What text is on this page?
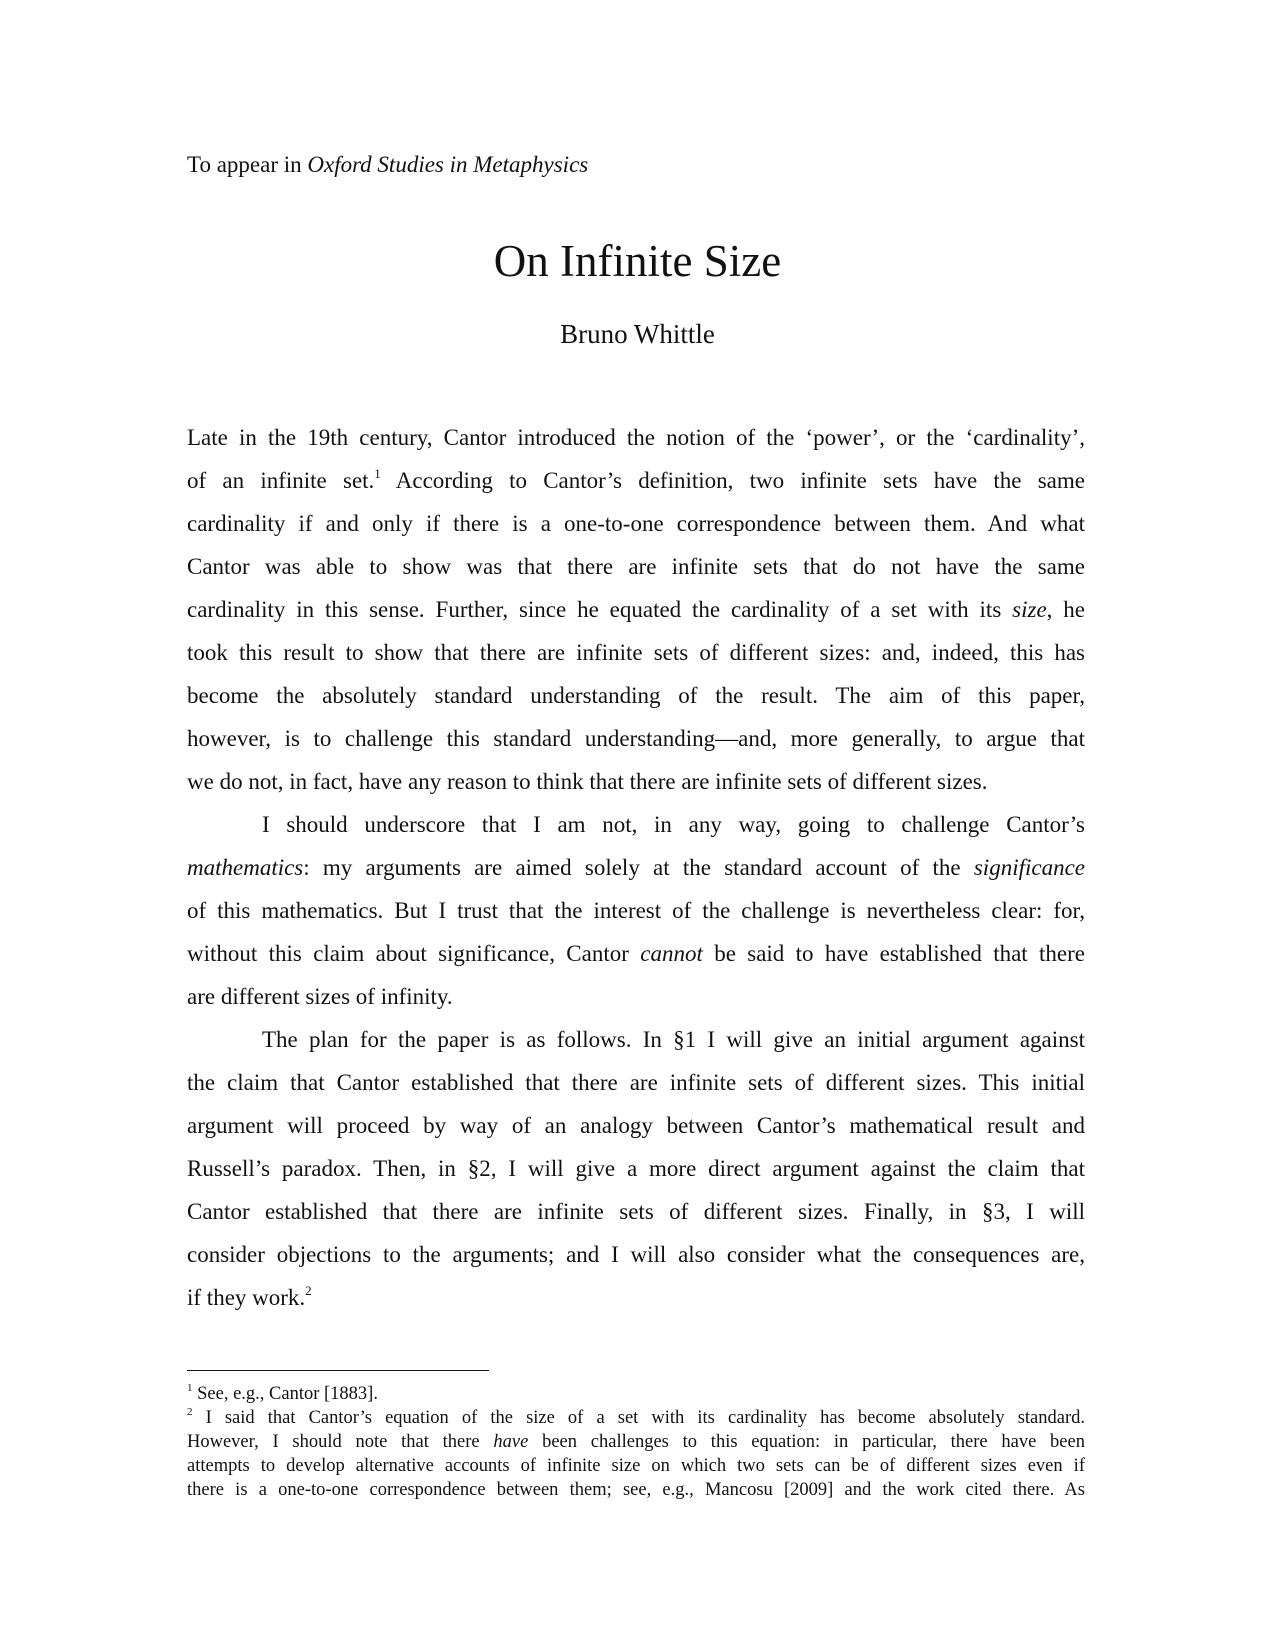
To appear in Oxford Studies in Metaphysics
On Infinite Size
Bruno Whittle
Late in the 19th century, Cantor introduced the notion of the ‘power’, or the ‘cardinality’,
of an infinite set.$^1$ According to Cantor’s definition, two infinite sets have the same
cardinality if and only if there is a one-to-one correspondence between them. And what
Cantor was able to show was that there are infinite sets that do not have the same
cardinality in this sense. Further, since he equated the cardinality of a set with its size, he
took this result to show that there are infinite sets of different sizes: and, indeed, this has
become the absolutely standard understanding of the result. The aim of this paper,
however, is to challenge this standard understanding—and, more generally, to argue that
we do not, in fact, have any reason to think that there are infinite sets of different sizes.
I should underscore that I am not, in any way, going to challenge Cantor’s
mathematics: my arguments are aimed solely at the standard account of the significance
of this mathematics. But I trust that the interest of the challenge is nevertheless clear: for,
without this claim about significance, Cantor cannot be said to have established that there
are different sizes of infinity.
The plan for the paper is as follows. In §1 I will give an initial argument against
the claim that Cantor established that there are infinite sets of different sizes. This initial
argument will proceed by way of an analogy between Cantor’s mathematical result and
Russell’s paradox. Then, in §2, I will give a more direct argument against the claim that
Cantor established that there are infinite sets of different sizes. Finally, in §3, I will
consider objections to the arguments; and I will also consider what the consequences are,
if they work.$^2$
$^1$ See, e.g., Cantor [1883].
$^2$ I said that Cantor’s equation of the size of a set with its cardinality has become absolutely standard.
However, I should note that there have been challenges to this equation: in particular, there have been
attempts to develop alternative accounts of infinite size on which two sets can be of different sizes even if
there is a one-to-one correspondence between them; see, e.g., Mancosu [2009] and the work cited there. As
